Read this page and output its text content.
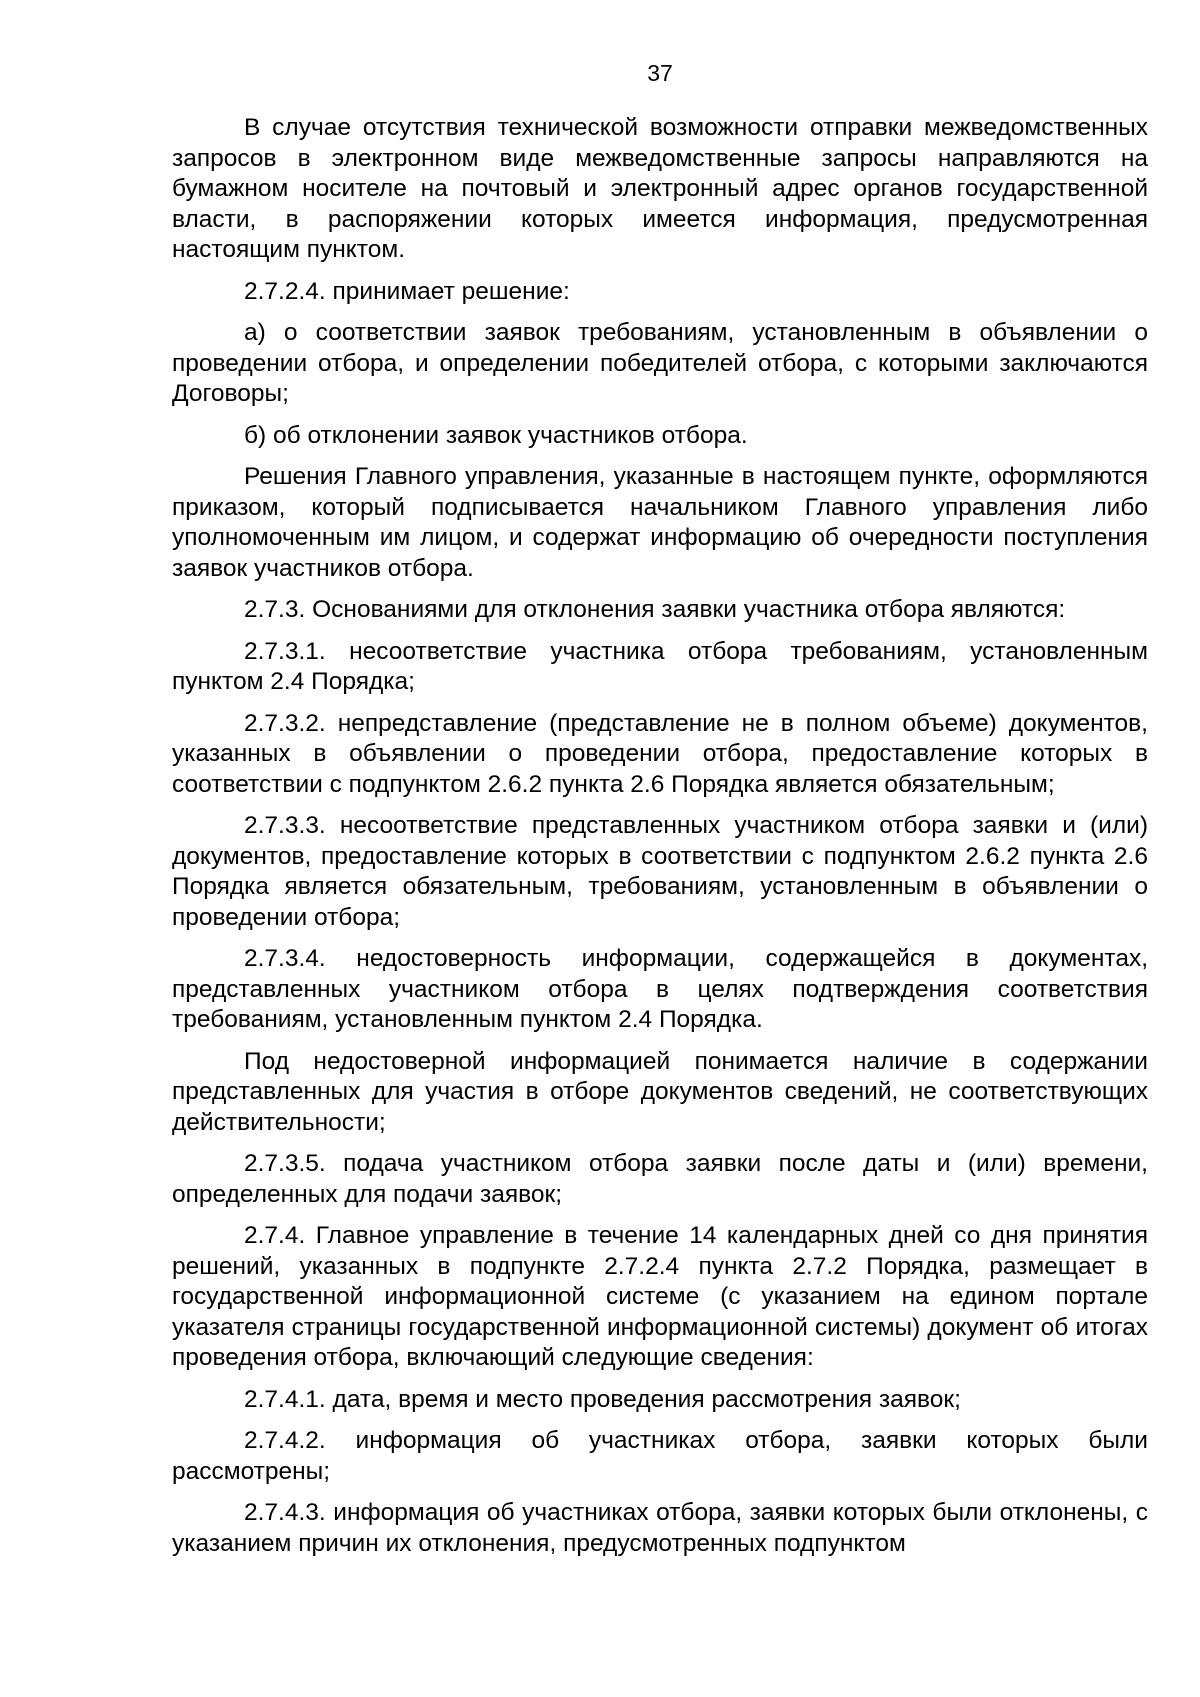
37

В случае отсутствия технической возможности отправки межведомственных запросов в электронном виде межведомственные запросы направляются на бумажном носителе на почтовый и электронный адрес органов государственной власти, в распоряжении которых имеется информация, предусмотренная настоящим пунктом.

2.7.2.4. принимает решение:

а) о соответствии заявок требованиям, установленным в объявлении о проведении отбора, и определении победителей отбора, с которыми заключаются Договоры;

б) об отклонении заявок участников отбора.

Решения Главного управления, указанные в настоящем пункте, оформляются приказом, который подписывается начальником Главного управления либо уполномоченным им лицом, и содержат информацию об очередности поступления заявок участников отбора.

2.7.3. Основаниями для отклонения заявки участника отбора являются:

2.7.3.1. несоответствие участника отбора требованиям, установленным пунктом 2.4 Порядка;

2.7.3.2. непредставление (представление не в полном объеме) документов, указанных в объявлении о проведении отбора, предоставление которых в соответствии с подпунктом 2.6.2 пункта 2.6 Порядка является обязательным;

2.7.3.3. несоответствие представленных участником отбора заявки и (или) документов, предоставление которых в соответствии с подпунктом 2.6.2 пункта 2.6 Порядка является обязательным, требованиям, установленным в объявлении о проведении отбора;

2.7.3.4. недостоверность информации, содержащейся в документах, представленных участником отбора в целях подтверждения соответствия требованиям, установленным пунктом 2.4 Порядка.

Под недостоверной информацией понимается наличие в содержании представленных для участия в отборе документов сведений, не соответствующих действительности;

2.7.3.5. подача участником отбора заявки после даты и (или) времени, определенных для подачи заявок;

2.7.4. Главное управление в течение 14 календарных дней со дня принятия решений, указанных в подпункте 2.7.2.4 пункта 2.7.2 Порядка, размещает в государственной информационной системе (с указанием на едином портале указателя страницы государственной информационной системы) документ об итогах проведения отбора, включающий следующие сведения:

2.7.4.1. дата, время и место проведения рассмотрения заявок;

2.7.4.2. информация об участниках отбора, заявки которых были рассмотрены;

2.7.4.3. информация об участниках отбора, заявки которых были отклонены, с указанием причин их отклонения, предусмотренных подпунктом
